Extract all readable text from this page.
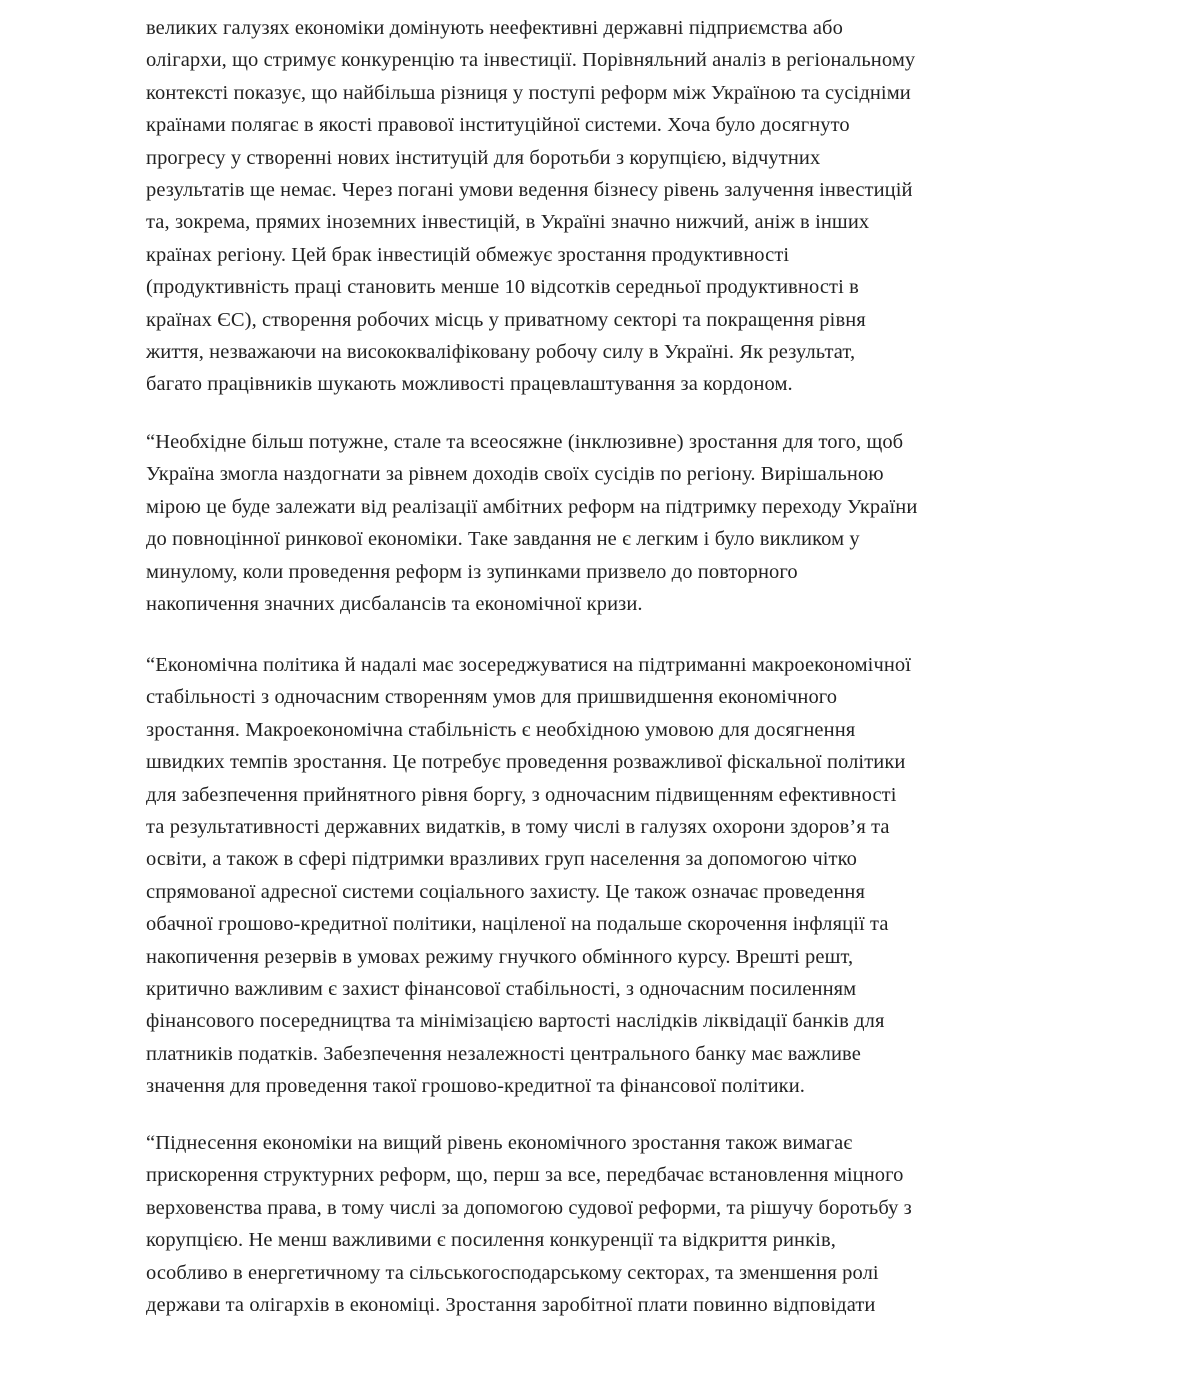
великих галузях економіки домінують неефективні державні підприємства або
олігархи, що стримує конкуренцію та інвестиції. Порівняльний аналіз в регіональному
контексті показує, що найбільша різниця у поступі реформ між Україною та сусідніми
країнами полягає в якості правової інституційної системи. Хоча було досягнуто
прогресу у створенні нових інституцій для боротьби з корупцією, відчутних
результатів ще немає. Через погані умови ведення бізнесу рівень залучення інвестицій
та, зокрема, прямих іноземних інвестицій, в Україні значно нижчий, аніж в інших
країнах регіону. Цей брак інвестицій обмежує зростання продуктивності
(продуктивність праці становить менше 10 відсотків середньої продуктивності в
країнах ЄС), створення робочих місць у приватному секторі та покращення рівня
життя, незважаючи на висококваліфіковану робочу силу в Україні. Як результат,
багато працівників шукають можливості працевлаштування за кордоном.
“Необхідне більш потужне, стале та всеосяжне (інклюзивне) зростання для того, щоб
Україна змогла наздогнати за рівнем доходів своїх сусідів по регіону. Вирішальною
мірою це буде залежати від реалізації амбітних реформ на підтримку переходу України
до повноцінної ринкової економіки. Таке завдання не є легким і було викликом у
минулому, коли проведення реформ із зупинками призвело до повторного
накопичення значних дисбалансів та економічної кризи.
“Економічна політика й надалі має зосереджуватися на підтриманні макроекономічної
стабільності з одночасним створенням умов для пришвидшення економічного
зростання. Макроекономічна стабільність є необхідною умовою для досягнення
швидких темпів зростання. Це потребує проведення розважливої фіскальної політики
для забезпечення прийнятного рівня боргу, з одночасним підвищенням ефективності
та результативності державних видатків, в тому числі в галузях охорони здоров’я та
освіти, а також в сфері підтримки вразливих груп населення за допомогою чітко
спрямованої адресної системи соціального захисту. Це також означає проведення
обачної грошово-кредитної політики, націленої на подальше скорочення інфляції та
накопичення резервів в умовах режиму гнучкого обмінного курсу. Врешті решт,
критично важливим є захист фінансової стабільності, з одночасним посиленням
фінансового посередництва та мінімізацією вартості наслідків ліквідації банків для
платників податків. Забезпечення незалежності центрального банку має важливе
значення для проведення такої грошово-кредитної та фінансової політики.
“Піднесення економіки на вищий рівень економічного зростання також вимагає
прискорення структурних реформ, що, перш за все, передбачає встановлення міцного
верховенства права, в тому числі за допомогою судової реформи, та рішучу боротьбу з
корупцією. Не менш важливими є посилення конкуренції та відкриття ринків,
особливо в енергетичному та сільськогосподарському секторах, та зменшення ролі
держави та олігархів в економіці. Зростання заробітної плати повинно відповідати
